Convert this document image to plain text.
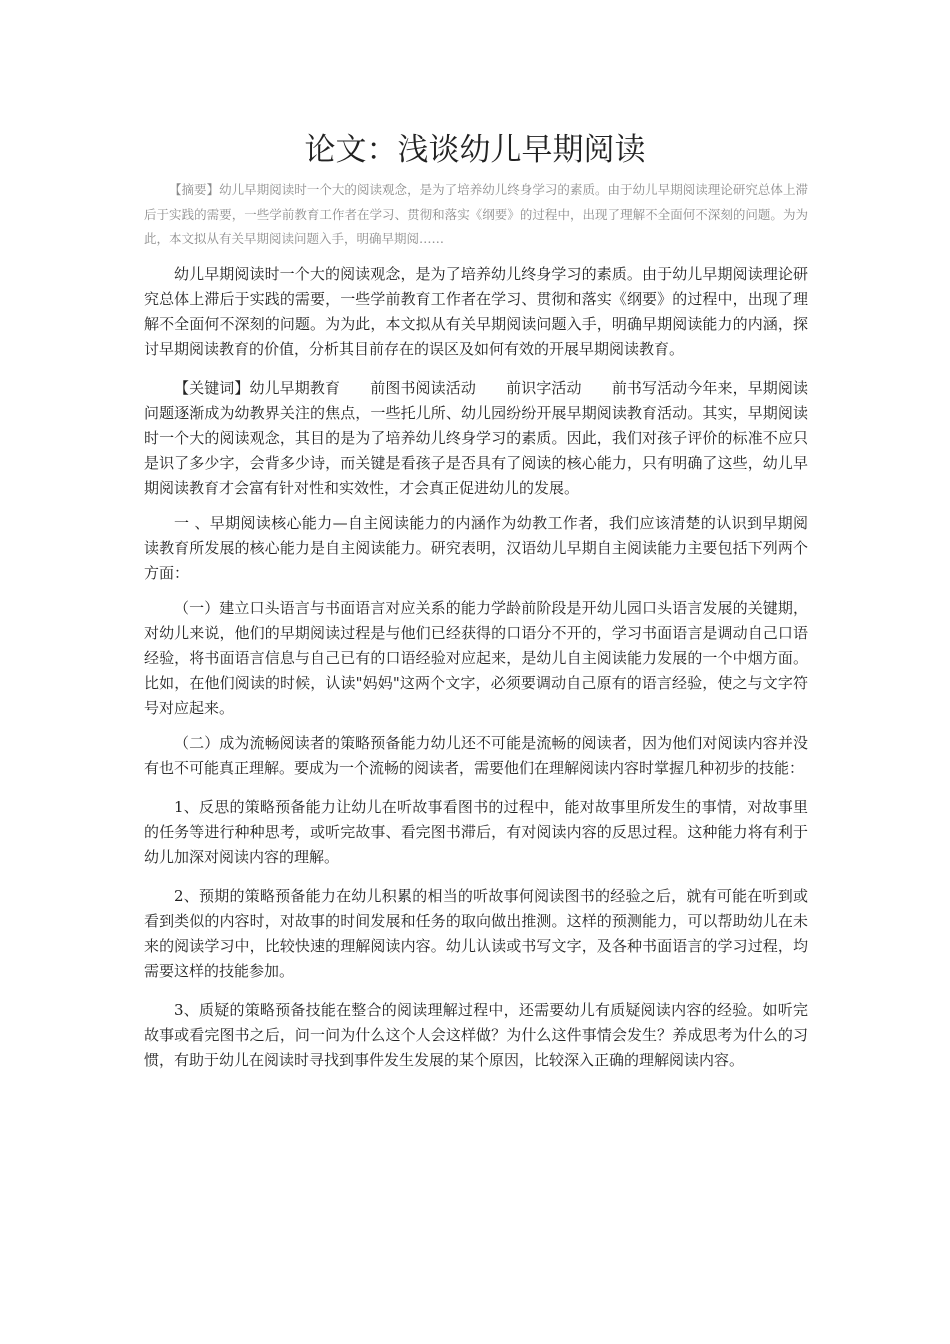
论文：浅谈幼儿早期阅读

【摘要】幼儿早期阅读时一个大的阅读观念，是为了培养幼儿终身学习的素质。由于幼儿早期阅读理论研究总体上滞后于实践的需要，一些学前教育工作者在学习、贯彻和落实《纲要》的过程中，出现了理解不全面何不深刻的问题。为为此，本文拟从有关早期阅读问题入手，明确早期阅……

幼儿早期阅读时一个大的阅读观念，是为了培养幼儿终身学习的素质。由于幼儿早期阅读理论研究总体上滞后于实践的需要，一些学前教育工作者在学习、贯彻和落实《纲要》的过程中，出现了理解不全面何不深刻的问题。为为此，本文拟从有关早期阅读问题入手，明确早期阅读能力的内涵，探讨早期阅读教育的价值，分析其目前存在的误区及如何有效的开展早期阅读教育。

【关键词】幼儿早期教育　　前图书阅读活动　　前识字活动　　前书写活动今年来，早期阅读问题逐渐成为幼教界关注的焦点，一些托儿所、幼儿园纷纷开展早期阅读教育活动。其实，早期阅读时一个大的阅读观念，其目的是为了培养幼儿终身学习的素质。因此，我们对孩子评价的标准不应只是识了多少字，会背多少诗，而关键是看孩子是否具有了阅读的核心能力，只有明确了这些，幼儿早期阅读教育才会富有针对性和实效性，才会真正促进幼儿的发展。

一 、早期阅读核心能力—自主阅读能力的内涵作为幼教工作者，我们应该清楚的认识到早期阅读教育所发展的核心能力是自主阅读能力。研究表明，汉语幼儿早期自主阅读能力主要包括下列两个方面：

（一）建立口头语言与书面语言对应关系的能力学龄前阶段是开幼儿园口头语言发展的关键期，对幼儿来说，他们的早期阅读过程是与他们已经获得的口语分不开的，学习书面语言是调动自己口语经验，将书面语言信息与自己已有的口语经验对应起来，是幼儿自主阅读能力发展的一个中烟方面。比如，在他们阅读的时候，认读"妈妈"这两个文字，必须要调动自己原有的语言经验，使之与文字符号对应起来。

（二）成为流畅阅读者的策略预备能力幼儿还不可能是流畅的阅读者，因为他们对阅读内容并没有也不可能真正理解。要成为一个流畅的阅读者，需要他们在理解阅读内容时掌握几种初步的技能：

1、反思的策略预备能力让幼儿在听故事看图书的过程中，能对故事里所发生的事情，对故事里的任务等进行种种思考，或听完故事、看完图书滞后，有对阅读内容的反思过程。这种能力将有利于幼儿加深对阅读内容的理解。

2、预期的策略预备能力在幼儿积累的相当的听故事何阅读图书的经验之后，就有可能在听到或看到类似的内容时，对故事的时间发展和任务的取向做出推测。这样的预测能力，可以帮助幼儿在未来的阅读学习中，比较快速的理解阅读内容。幼儿认读或书写文字，及各种书面语言的学习过程，均需要这样的技能参加。

3、质疑的策略预备技能在整合的阅读理解过程中，还需要幼儿有质疑阅读内容的经验。如听完故事或看完图书之后，问一问为什么这个人会这样做？为什么这件事情会发生？养成思考为什么的习惯，有助于幼儿在阅读时寻找到事件发生发展的某个原因，比较深入正确的理解阅读内容。
